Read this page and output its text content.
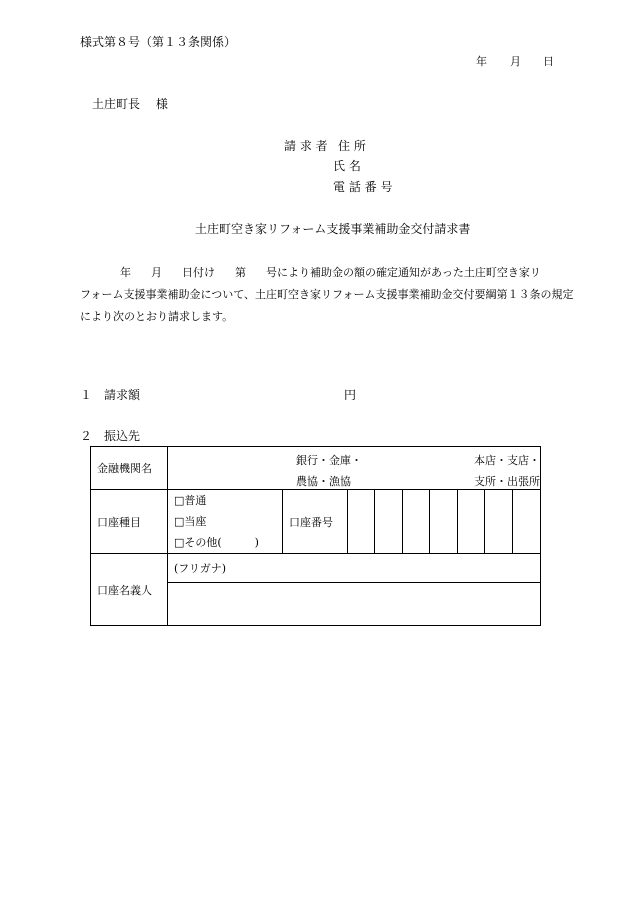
様式第８号（第１３条関係）
年 月 日
土庄町長　 様
請 求 者 住 所
氏 名
電 話 番 号
土庄町空き家リフォーム支援事業補助金交付請求書
年 月 日付け 第 号により補助金の額の確定通知があった土庄町空き家リ
フォーム支援事業補助金について、土庄町空き家リフォーム支援事業補助金交付要綱第１３条の規定
により次のとおり請求します。
１　請求額	円
２　振込先
金融機関名	銀行・金庫・
農協・漁協
本店・支店・
支所・出張所								

口座種目	□普通
□当座
□その他(　　　)	口座番号							
口座名義人	(フリガナ)								
